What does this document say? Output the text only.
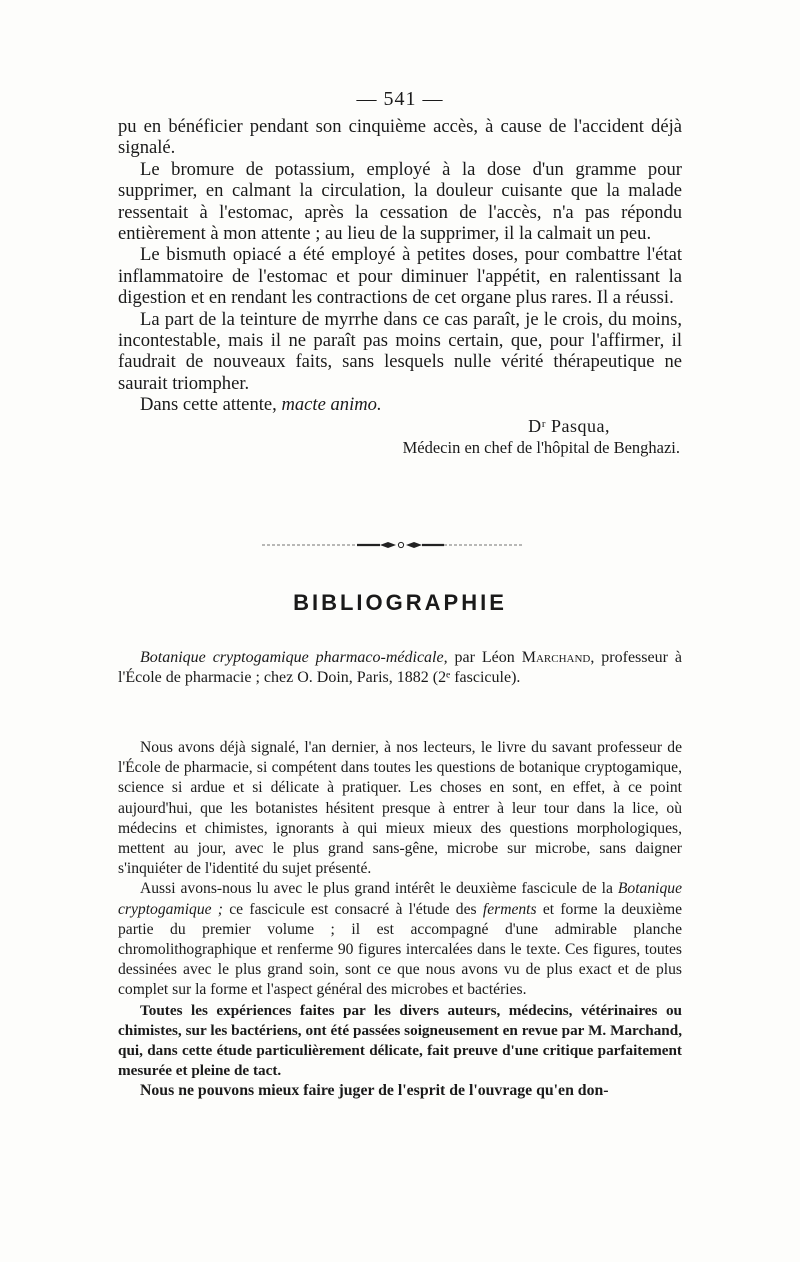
— 541 —

pu en bénéficier pendant son cinquième accès, à cause de l'accident déjà signalé.

Le bromure de potassium, employé à la dose d'un gramme pour supprimer, en calmant la circulation, la douleur cuisante que la malade ressentait à l'estomac, après la cessation de l'accès, n'a pas répondu entièrement à mon attente ; au lieu de la supprimer, il la calmait un peu.

Le bismuth opiacé a été employé à petites doses, pour combattre l'état inflammatoire de l'estomac et pour diminuer l'appétit, en ralentissant la digestion et en rendant les contractions de cet organe plus rares. Il a réussi.

La part de la teinture de myrrhe dans ce cas paraît, je le crois, du moins, incontestable, mais il ne paraît pas moins certain, que, pour l'affirmer, il faudrait de nouveaux faits, sans lesquels nulle vérité thérapeutique ne saurait triompher.

Dans cette attente, macte animo.

Dʳ Pasqua,
Médecin en chef de l'hôpital de Benghazi.
BIBLIOGRAPHIE

Botanique cryptogamique pharmaco-médicale, par Léon Marchand, professeur à l'École de pharmacie ; chez O. Doin, Paris, 1882 (2ᵉ fascicule).

Nous avons déjà signalé, l'an dernier, à nos lecteurs, le livre du savant professeur de l'École de pharmacie, si compétent dans toutes les questions de botanique cryptogamique, science si ardue et si délicate à pratiquer. Les choses en sont, en effet, à ce point aujourd'hui, que les botanistes hésitent presque à entrer à leur tour dans la lice, où médecins et chimistes, ignorants à qui mieux mieux des questions morphologiques, mettent au jour, avec le plus grand sans-gêne, microbe sur microbe, sans daigner s'inquiéter de l'identité du sujet présenté.

Aussi avons-nous lu avec le plus grand intérêt le deuxième fascicule de la Botanique cryptogamique ; ce fascicule est consacré à l'étude des ferments et forme la deuxième partie du premier volume ; il est accompagné d'une admirable planche chromolithographique et renferme 90 figures intercalées dans le texte. Ces figures, toutes dessinées avec le plus grand soin, sont ce que nous avons vu de plus exact et de plus complet sur la forme et l'aspect général des microbes et bactéries.

Toutes les expériences faites par les divers auteurs, médecins, vétérinaires ou chimistes, sur les bactériens, ont été passées soigneusement en revue par M. Marchand, qui, dans cette étude particulièrement délicate, fait preuve d'une critique parfaitement mesurée et pleine de tact.

Nous ne pouvons mieux faire juger de l'esprit de l'ouvrage qu'en don-
